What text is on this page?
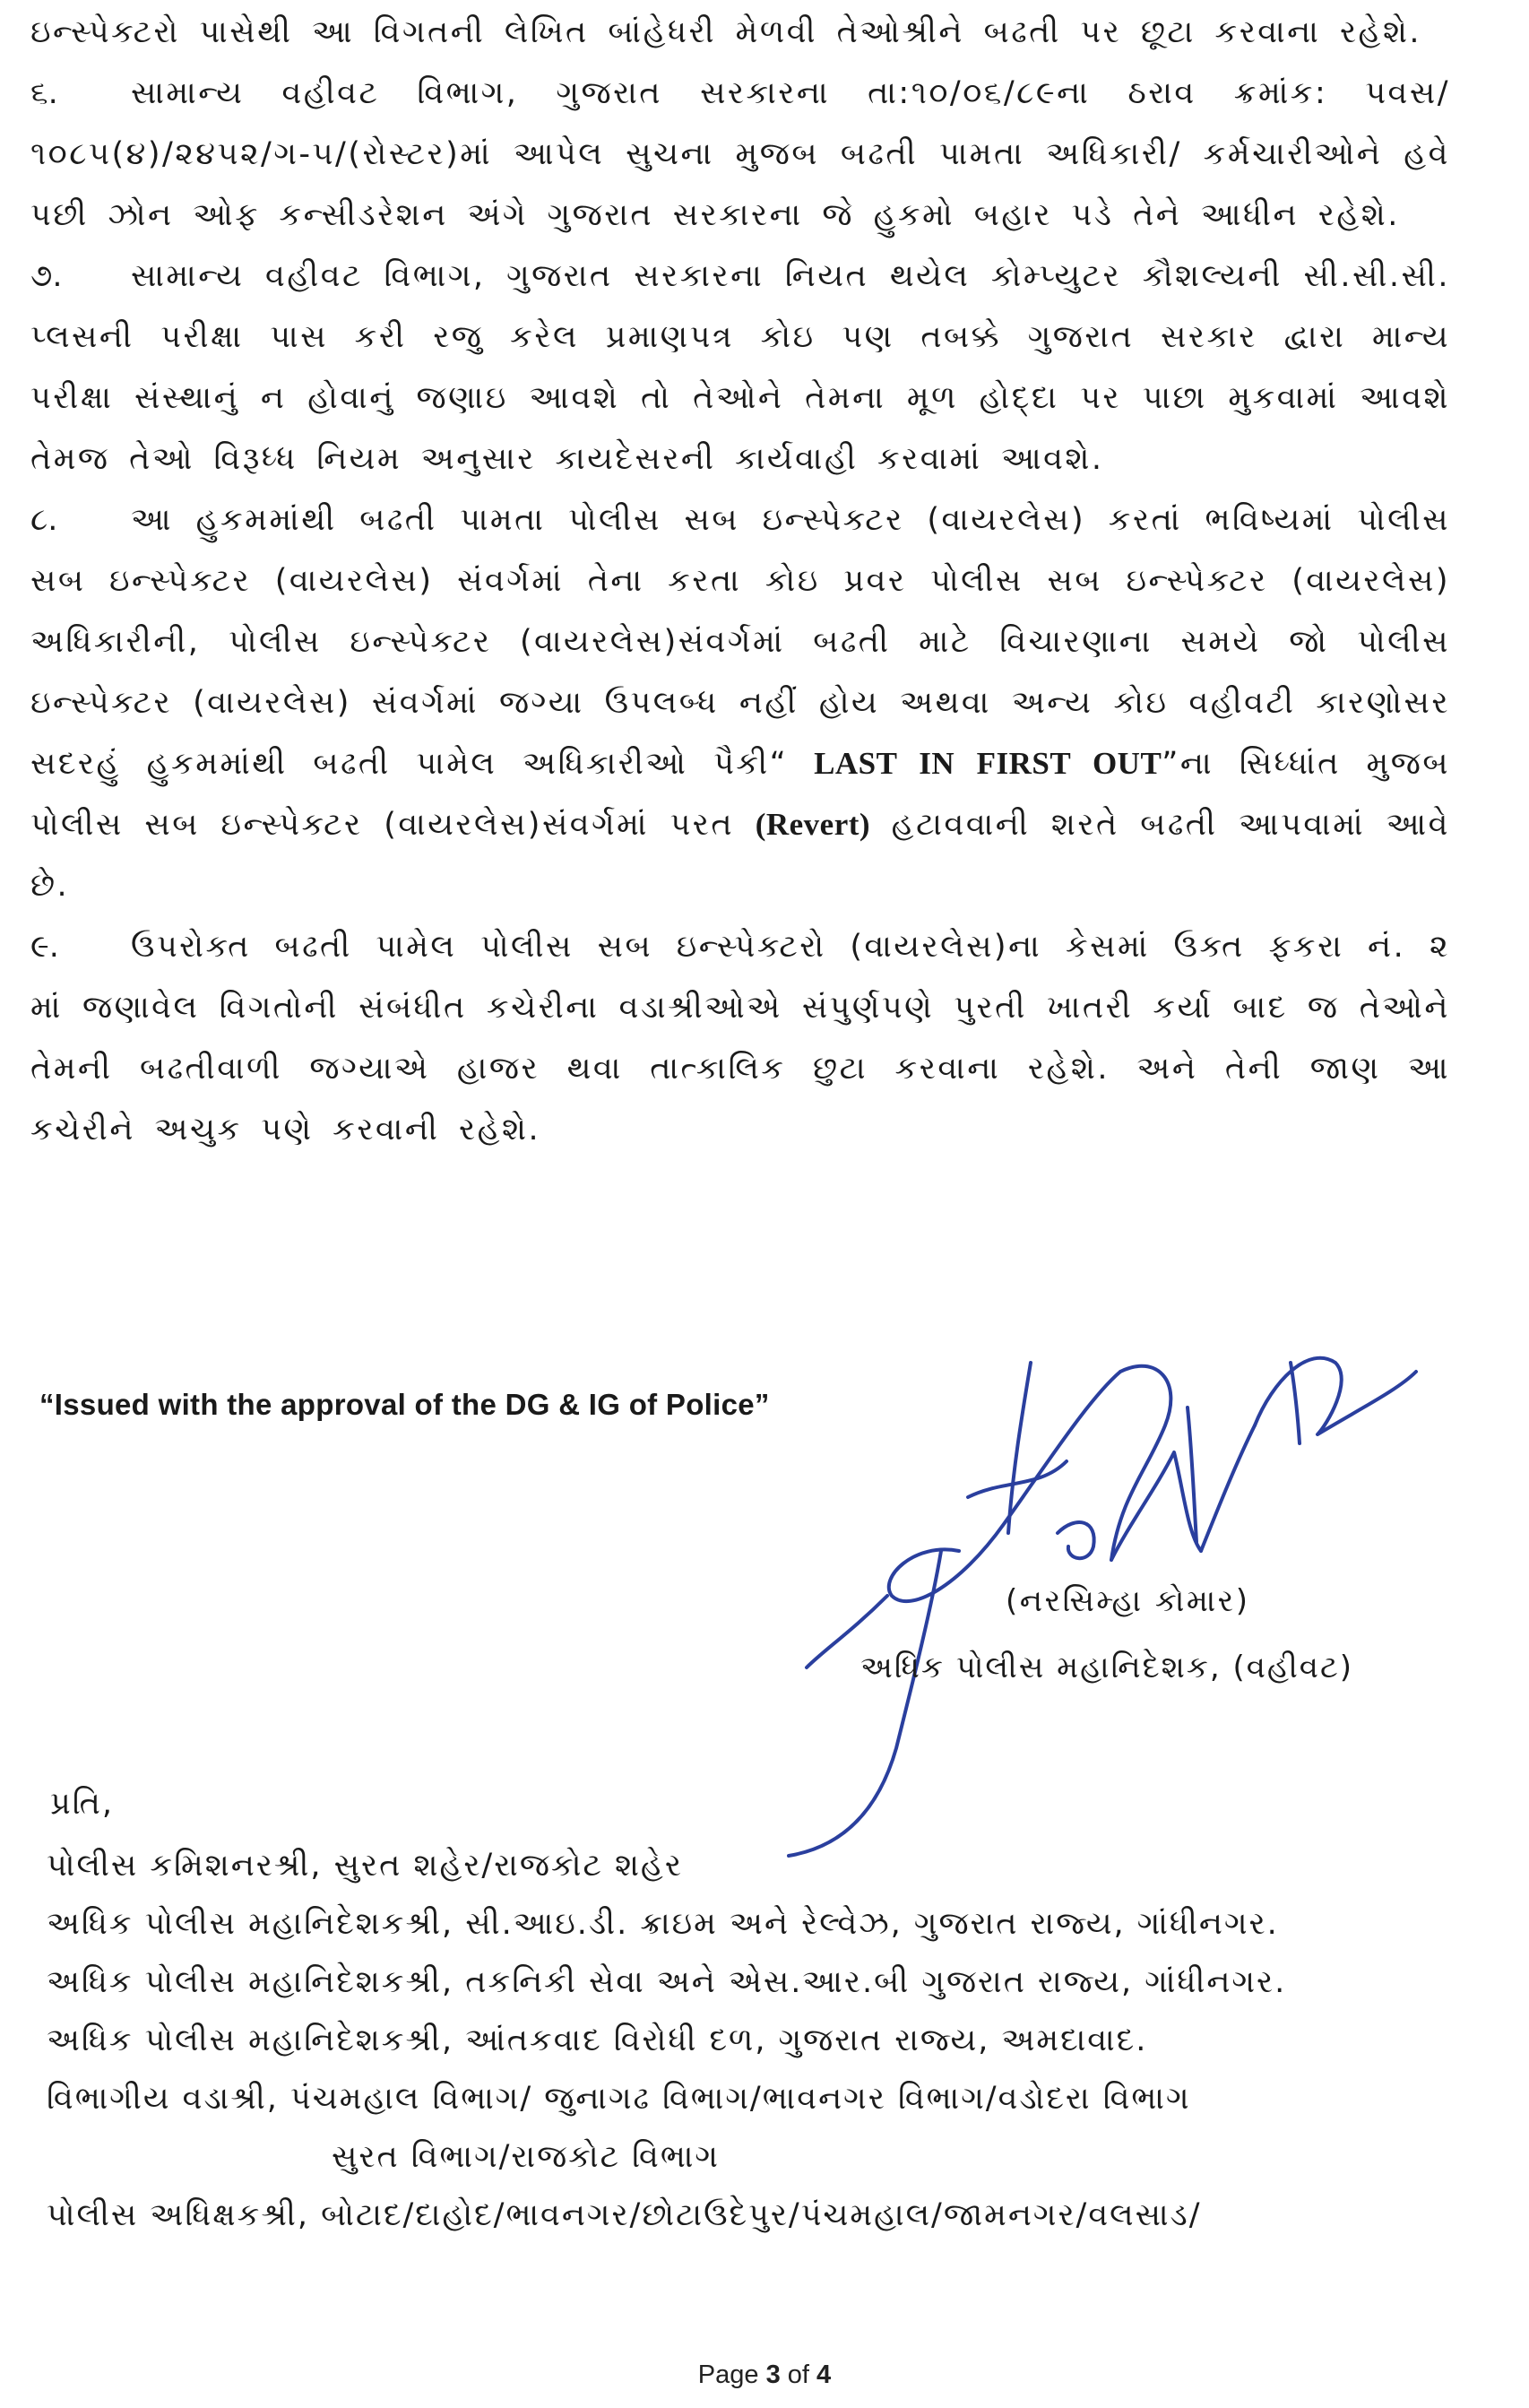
ઇન્સ્પેક્ટરો પાસેથી આ વિગતની લેખિત બાંહેધરી મેળવી તેઓશ્રીને બઢતી પર છૂટા કરવાના રહેશે.

૬. સામાન્ય વહીવટ વિભાગ, ગુજરાત સરકારના તા:૧૦/૦૬/૮૯ના ઠરાવ ક્રમાંક: પવસ/ ૧૦૮૫(૪)/૨૪૫૨/ગ-૫/(રોસ્ટર)માં આપેલ સુચના મુજબ બઢતી પામતા અધિકારી/ કર્મચારીઓને હવે પછી ઝોન ઓફ કન્સીડરેશન અંગે ગુજરાત સરકારના જે હુકમો બહાર પડે તેને આધીન રહેશે.

૭. સામાન્ય વહીવટ વિભાગ, ગુજરાત સરકારના નિયત થયેલ કોમ્પ્યુટર કૌશલ્યની સી.સી.સી. પ્લસની પરીક્ષા પાસ કરી રજુ કરેલ પ્રમાણપત્ર કોઇ પણ તબક્કે ગુજરાત સરકાર દ્વારા માન્ય પરીક્ષા સંસ્થાનું ન હોવાનું જણાઇ આવશે તો તેઓને તેમના મૂળ હોદ્દા પર પાછા મુકવામાં આવશે તેમજ તેઓ વિરૂધ્ધ નિયમ અનુસાર કાયદેસરની કાર્યવાહી કરવામાં આવશે.

૮. આ હુકમમાંથી બઢતી પામતા પોલીસ સબ ઇન્સ્પેક્ટર (વાયરલેસ) કરતાં ભવિષ્યમાં પોલીસ સબ ઇન્સ્પેક્ટર (વાયરલેસ) સંવર્ગમાં તેના કરતા કોઇ પ્રવર પોલીસ સબ ઇન્સ્પેક્ટર (વાયરલેસ) અધિકારીની, પોલીસ ઇન્સ્પેક્ટર (વાયરલેસ)સંવર્ગમાં બઢતી માટે વિચારણાના સમયે જો પોલીસ ઇન્સ્પેક્ટર (વાયરલેસ) સંવર્ગમાં જગ્યા ઉપલબ્ધ નહીં હોય અથવા અન્ય કોઇ વહીવટી કારણોસર સદરહું હુકમમાંથી બઢતી પામેલ અધિકારીઓ પૈકી“ LAST IN FIRST OUT”ના સિધ્ધાંત મુજબ પોલીસ સબ ઇન્સ્પેક્ટર (વાયરલેસ)સંવર્ગમાં પરત (Revert) હટાવવાની શરતે બઢતી આપવામાં આવે છે.

૯. ઉપરોક્ત બઢતી પામેલ પોલીસ સબ ઇન્સ્પેક્ટરો (વાયરલેસ)ના કેસમાં ઉક્ત ફકરા નં. ૨ માં જણાવેલ વિગતોની સંબંધીત કચેરીના વડાશ્રીઓએ સંપુર્ણપણે પુરતી ખાતરી કર્યા બાદ જ તેઓને તેમની બઢતીવાળી જગ્યાએ હાજર થવા તાત્કાલિક છુટા કરવાના રહેશે. અને તેની જાણ આ કચેરીને અચુક પણે કરવાની રહેશે.

“Issued with the approval of the DG & IG of Police”
(નરસિમ્હા કોમાર)
અધિક પોલીસ મહાનિદેશક, (વહીવટ)
પ્રતિ,
પોલીસ કમિશનરશ્રી, સુરત શહેર/રાજકોટ શહેર
અધિક પોલીસ મહાનિદેશકશ્રી, સી.આઇ.ડી. ક્રાઇમ અને રેલ્વેઝ, ગુજરાત રાજ્ય, ગાંધીનગર.
અધિક પોલીસ મહાનિદેશકશ્રી, તકનિકી સેવા અને એસ.આર.બી ગુજરાત રાજ્ય, ગાંધીનગર.
અધિક પોલીસ મહાનિદેશકશ્રી, આંતકવાદ વિરોધી દળ, ગુજરાત રાજ્ય, અમદાવાદ.
વિભાગીય વડાશ્રી, પંચમહાલ વિભાગ/ જુનાગઢ વિભાગ/ભાવનગર વિભાગ/વડોદરા વિભાગ
સુરત વિભાગ/રાજકોટ વિભાગ
પોલીસ અધિક્ષકશ્રી, બોટાદ/દાહોદ/ભાવનગર/છોટાઉદેપુર/પંચમહાલ/જામનગર/વલસાડ/
Page 3 of 4
